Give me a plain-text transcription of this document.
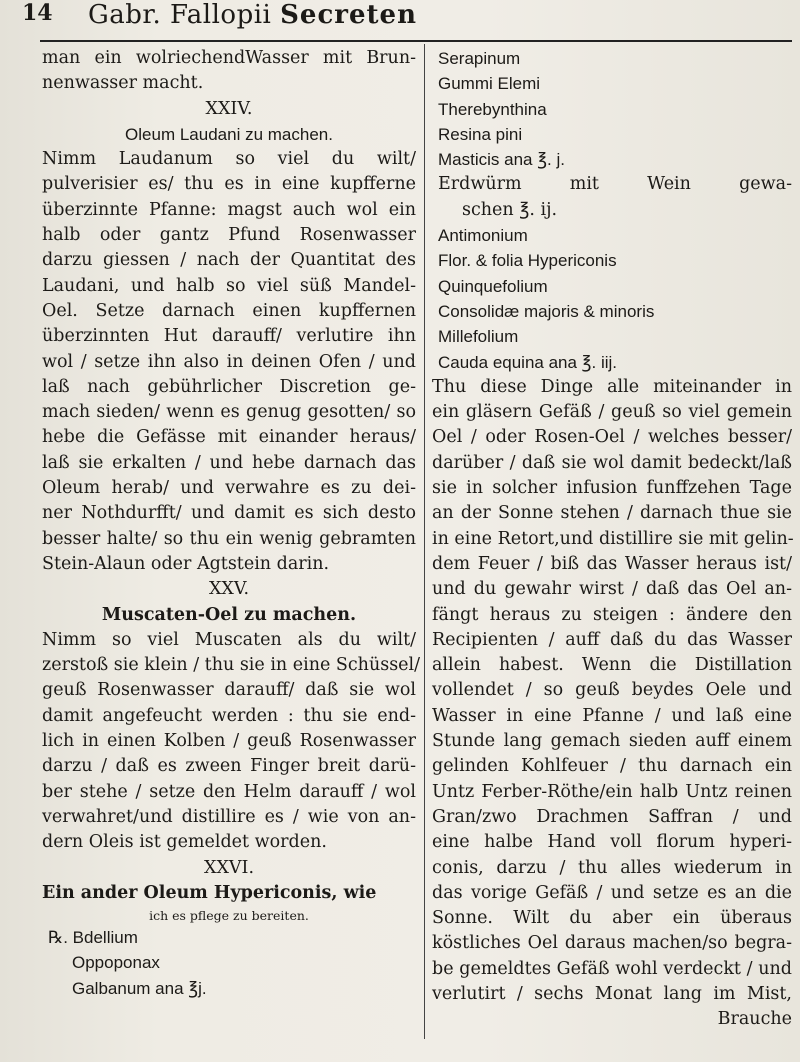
14 Gabr. Fallopii Secreten
man ein wolriechendWasser mit Brun-
nenwasser macht.
XXIV.
Oleum Laudani zu machen.
Nimm Laudanum so viel du wilt/
pulverisier es/ thu es in eine kupfferne
überzinnte Pfanne: magst auch wol ein
halb oder gantz Pfund Rosenwasser
darzu giessen / nach der Quantitat des
Laudani, und halb so viel süß Mandel-
Oel. Setze darnach einen kupffernen
überzinnten Hut darauff/ verlutire ihn
wol / setze ihn also in deinen Ofen / und
laß nach gebührlicher Discretion ge-
mach sieden/ wenn es genug gesotten/ so
hebe die Gefässe mit einander heraus/
laß sie erkalten / und hebe darnach das
Oleum herab/ und verwahre es zu dei-
ner Nothdurfft/ und damit es sich desto
besser halte/ so thu ein wenig gebramten
Stein-Alaun oder Agtstein darin.
XXV.
Muscaten-Oel zu machen.
Nimm so viel Muscaten als du wilt/
zerstoß sie klein / thu sie in eine Schüssel/
geuß Rosenwasser darauff/ daß sie wol
damit angefeucht werden : thu sie end-
lich in einen Kolben / geuß Rosenwasser
darzu / daß es zween Finger breit darü-
ber stehe / setze den Helm darauff / wol
verwahret/und distillire es / wie von an-
dern Oleis ist gemeldet worden.
XXVI.
Ein ander Oleum Hypericonis, wie
ich es pflege zu bereiten.
℞. Bdellium
Oppoponax
Galbanum ana ℥j.
Serapinum
Gummi Elemi
Therebynthina
Resina pini
Masticis ana ℥. j.
Erdwürm mit Wein gewa-
schen ℥. ij.
Antimonium
Flor. & folia Hypericonis
Quinquefolium
Consolidæ majoris & minoris
Millefolium
Cauda equina ana ℥. iij.
Thu diese Dinge alle miteinander in
ein gläsern Gefäß / geuß so viel gemein
Oel / oder Rosen-Oel / welches besser/
darüber / daß sie wol damit bedeckt/laß
sie in solcher infusion funffzehen Tage
an der Sonne stehen / darnach thue sie
in eine Retort,und distillire sie mit gelin-
dem Feuer / biß das Wasser heraus ist/
und du gewahr wirst / daß das Oel an-
fängt heraus zu steigen : ändere den
Recipienten / auff daß du das Wasser
allein habest. Wenn die Distillation
vollendet / so geuß beydes Oele und
Wasser in eine Pfanne / und laß eine
Stunde lang gemach sieden auff einem
gelinden Kohlfeuer / thu darnach ein
Untz Ferber-Röthe/ein halb Untz reinen
Gran/zwo Drachmen Saffran / und
eine halbe Hand voll florum hyperi-
conis, darzu / thu alles wiederum in
das vorige Gefäß / und setze es an die
Sonne. Wilt du aber ein überaus
köstliches Oel daraus machen/so begra-
be gemeldtes Gefäß wohl verdeckt / und
verlutirt / sechs Monat lang im Mist,
Brauche
